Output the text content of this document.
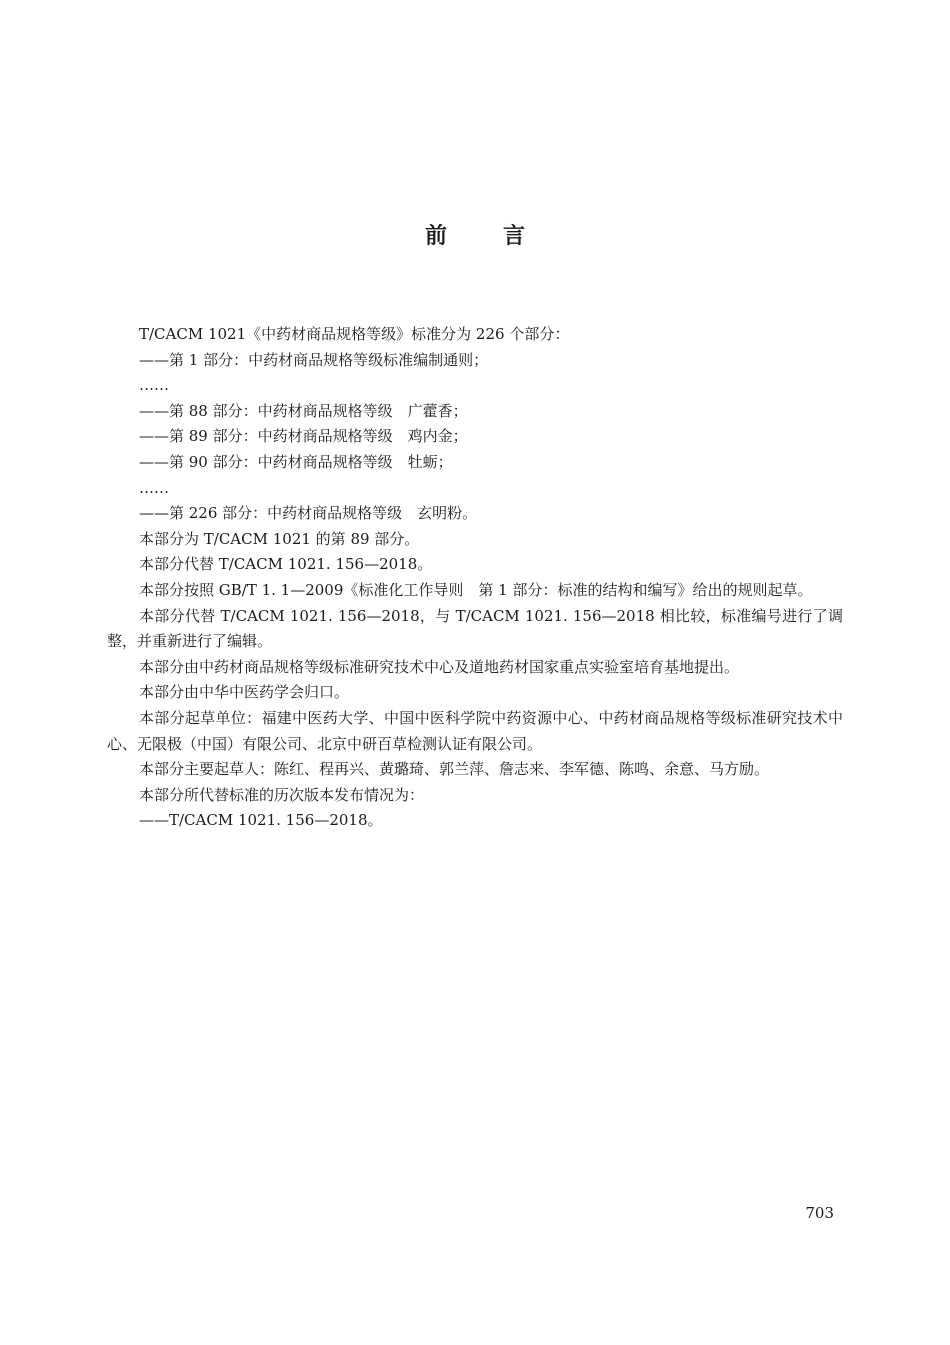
前	言

T/CACM 1021《中药材商品规格等级》标准分为 226 个部分：

——第 1 部分：中药材商品规格等级标准编制通则；

……

——第 88 部分：中药材商品规格等级　广藿香；

——第 89 部分：中药材商品规格等级　鸡内金；

——第 90 部分：中药材商品规格等级　牡蛎；

……

——第 226 部分：中药材商品规格等级　玄明粉。

本部分为 T/CACM 1021 的第 89 部分。

本部分代替 T/CACM 1021. 156—2018。

本部分按照 GB/T 1. 1—2009《标准化工作导则　第 1 部分：标准的结构和编写》给出的规则起草。

本部分代替 T/CACM 1021. 156—2018，与 T/CACM 1021. 156—2018 相比较，标准编号进行了调整，并重新进行了编辑。

本部分由中药材商品规格等级标准研究技术中心及道地药材国家重点实验室培育基地提出。

本部分由中华中医药学会归口。

本部分起草单位：福建中医药大学、中国中医科学院中药资源中心、中药材商品规格等级标准研究技术中心、无限极（中国）有限公司、北京中研百草检测认证有限公司。

本部分主要起草人：陈红、程再兴、黄璐琦、郭兰萍、詹志来、李军德、陈鸣、余意、马方励。

本部分所代替标准的历次版本发布情况为：

——T/CACM 1021. 156—2018。

703
